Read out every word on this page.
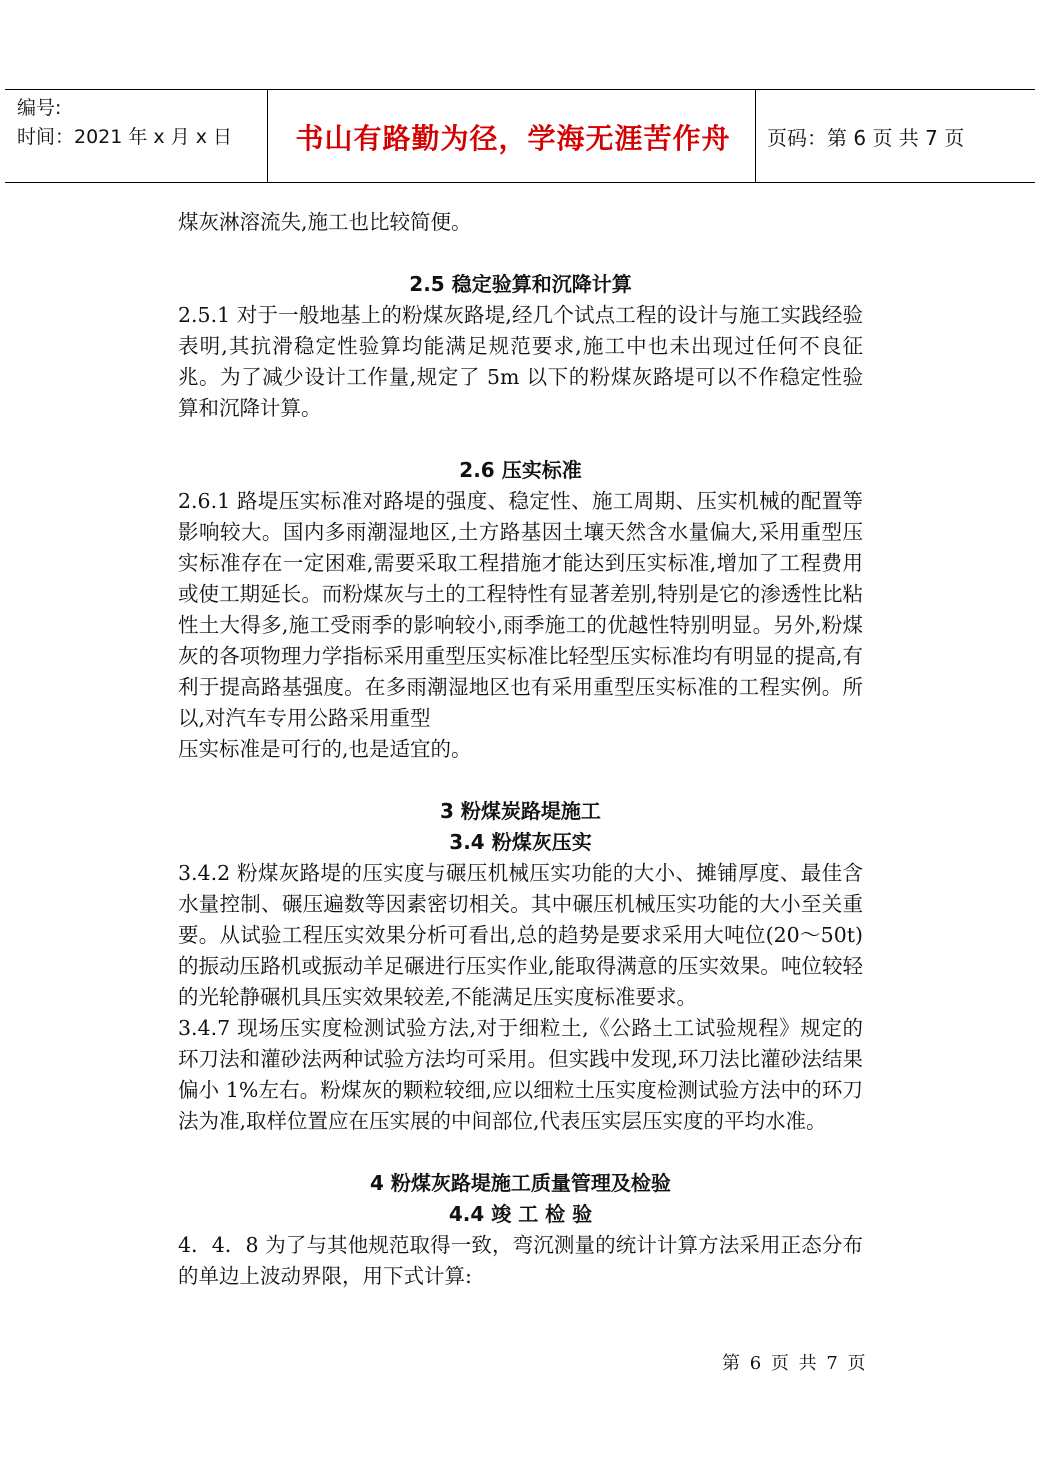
编号:
时间：2021 年 x 月 x 日	书山有路勤为径，学海无涯苦作舟	页码：第 6 页 共 7 页

煤灰淋溶流失,施工也比较简便。

2.5 稳定验算和沉降计算

2.5.1 对于一般地基上的粉煤灰路堤,经几个试点工程的设计与施工实践经验表明,其抗滑稳定性验算均能满足规范要求,施工中也未出现过任何不良征兆。为了减少设计工作量,规定了 5m 以下的粉煤灰路堤可以不作稳定性验算和沉降计算。

2.6 压实标准

2.6.1 路堤压实标准对路堤的强度、稳定性、施工周期、压实机械的配置等影响较大。国内多雨潮湿地区,土方路基因土壤天然含水量偏大,采用重型压实标准存在一定困难,需要采取工程措施才能达到压实标准,增加了工程费用或使工期延长。而粉煤灰与土的工程特性有显著差别,特别是它的渗透性比粘性土大得多,施工受雨季的影响较小,雨季施工的优越性特别明显。另外,粉煤灰的各项物理力学指标采用重型压实标准比轻型压实标准均有明显的提高,有利于提高路基强度。在多雨潮湿地区也有采用重型压实标准的工程实例。所以,对汽车专用公路采用重型

压实标准是可行的,也是适宜的。

3 粉煤炭路堤施工
3.4 粉煤灰压实

3.4.2 粉煤灰路堤的压实度与碾压机械压实功能的大小、摊铺厚度、最佳含水量控制、碾压遍数等因素密切相关。其中碾压机械压实功能的大小至关重要。从试验工程压实效果分析可看出,总的趋势是要求采用大吨位(20～50t)的振动压路机或振动羊足碾进行压实作业,能取得满意的压实效果。吨位较轻的光轮静碾机具压实效果较差,不能满足压实度标准要求。

3.4.7 现场压实度检测试验方法,对于细粒土,《公路土工试验规程》规定的环刀法和灌砂法两种试验方法均可采用。但实践中发现,环刀法比灌砂法结果偏小 1%左右。粉煤灰的颗粒较细,应以细粒土压实度检测试验方法中的环刀法为准,取样位置应在压实展的中间部位,代表压实层压实度的平均水准。

4 粉煤灰路堤施工质量管理及检验
4.4 竣 工 检 验

4．4．8 为了与其他规范取得一致，弯沉测量的统计计算方法采用正态分布的单边上波动界限，用下式计算:

第 6 页 共 7 页
